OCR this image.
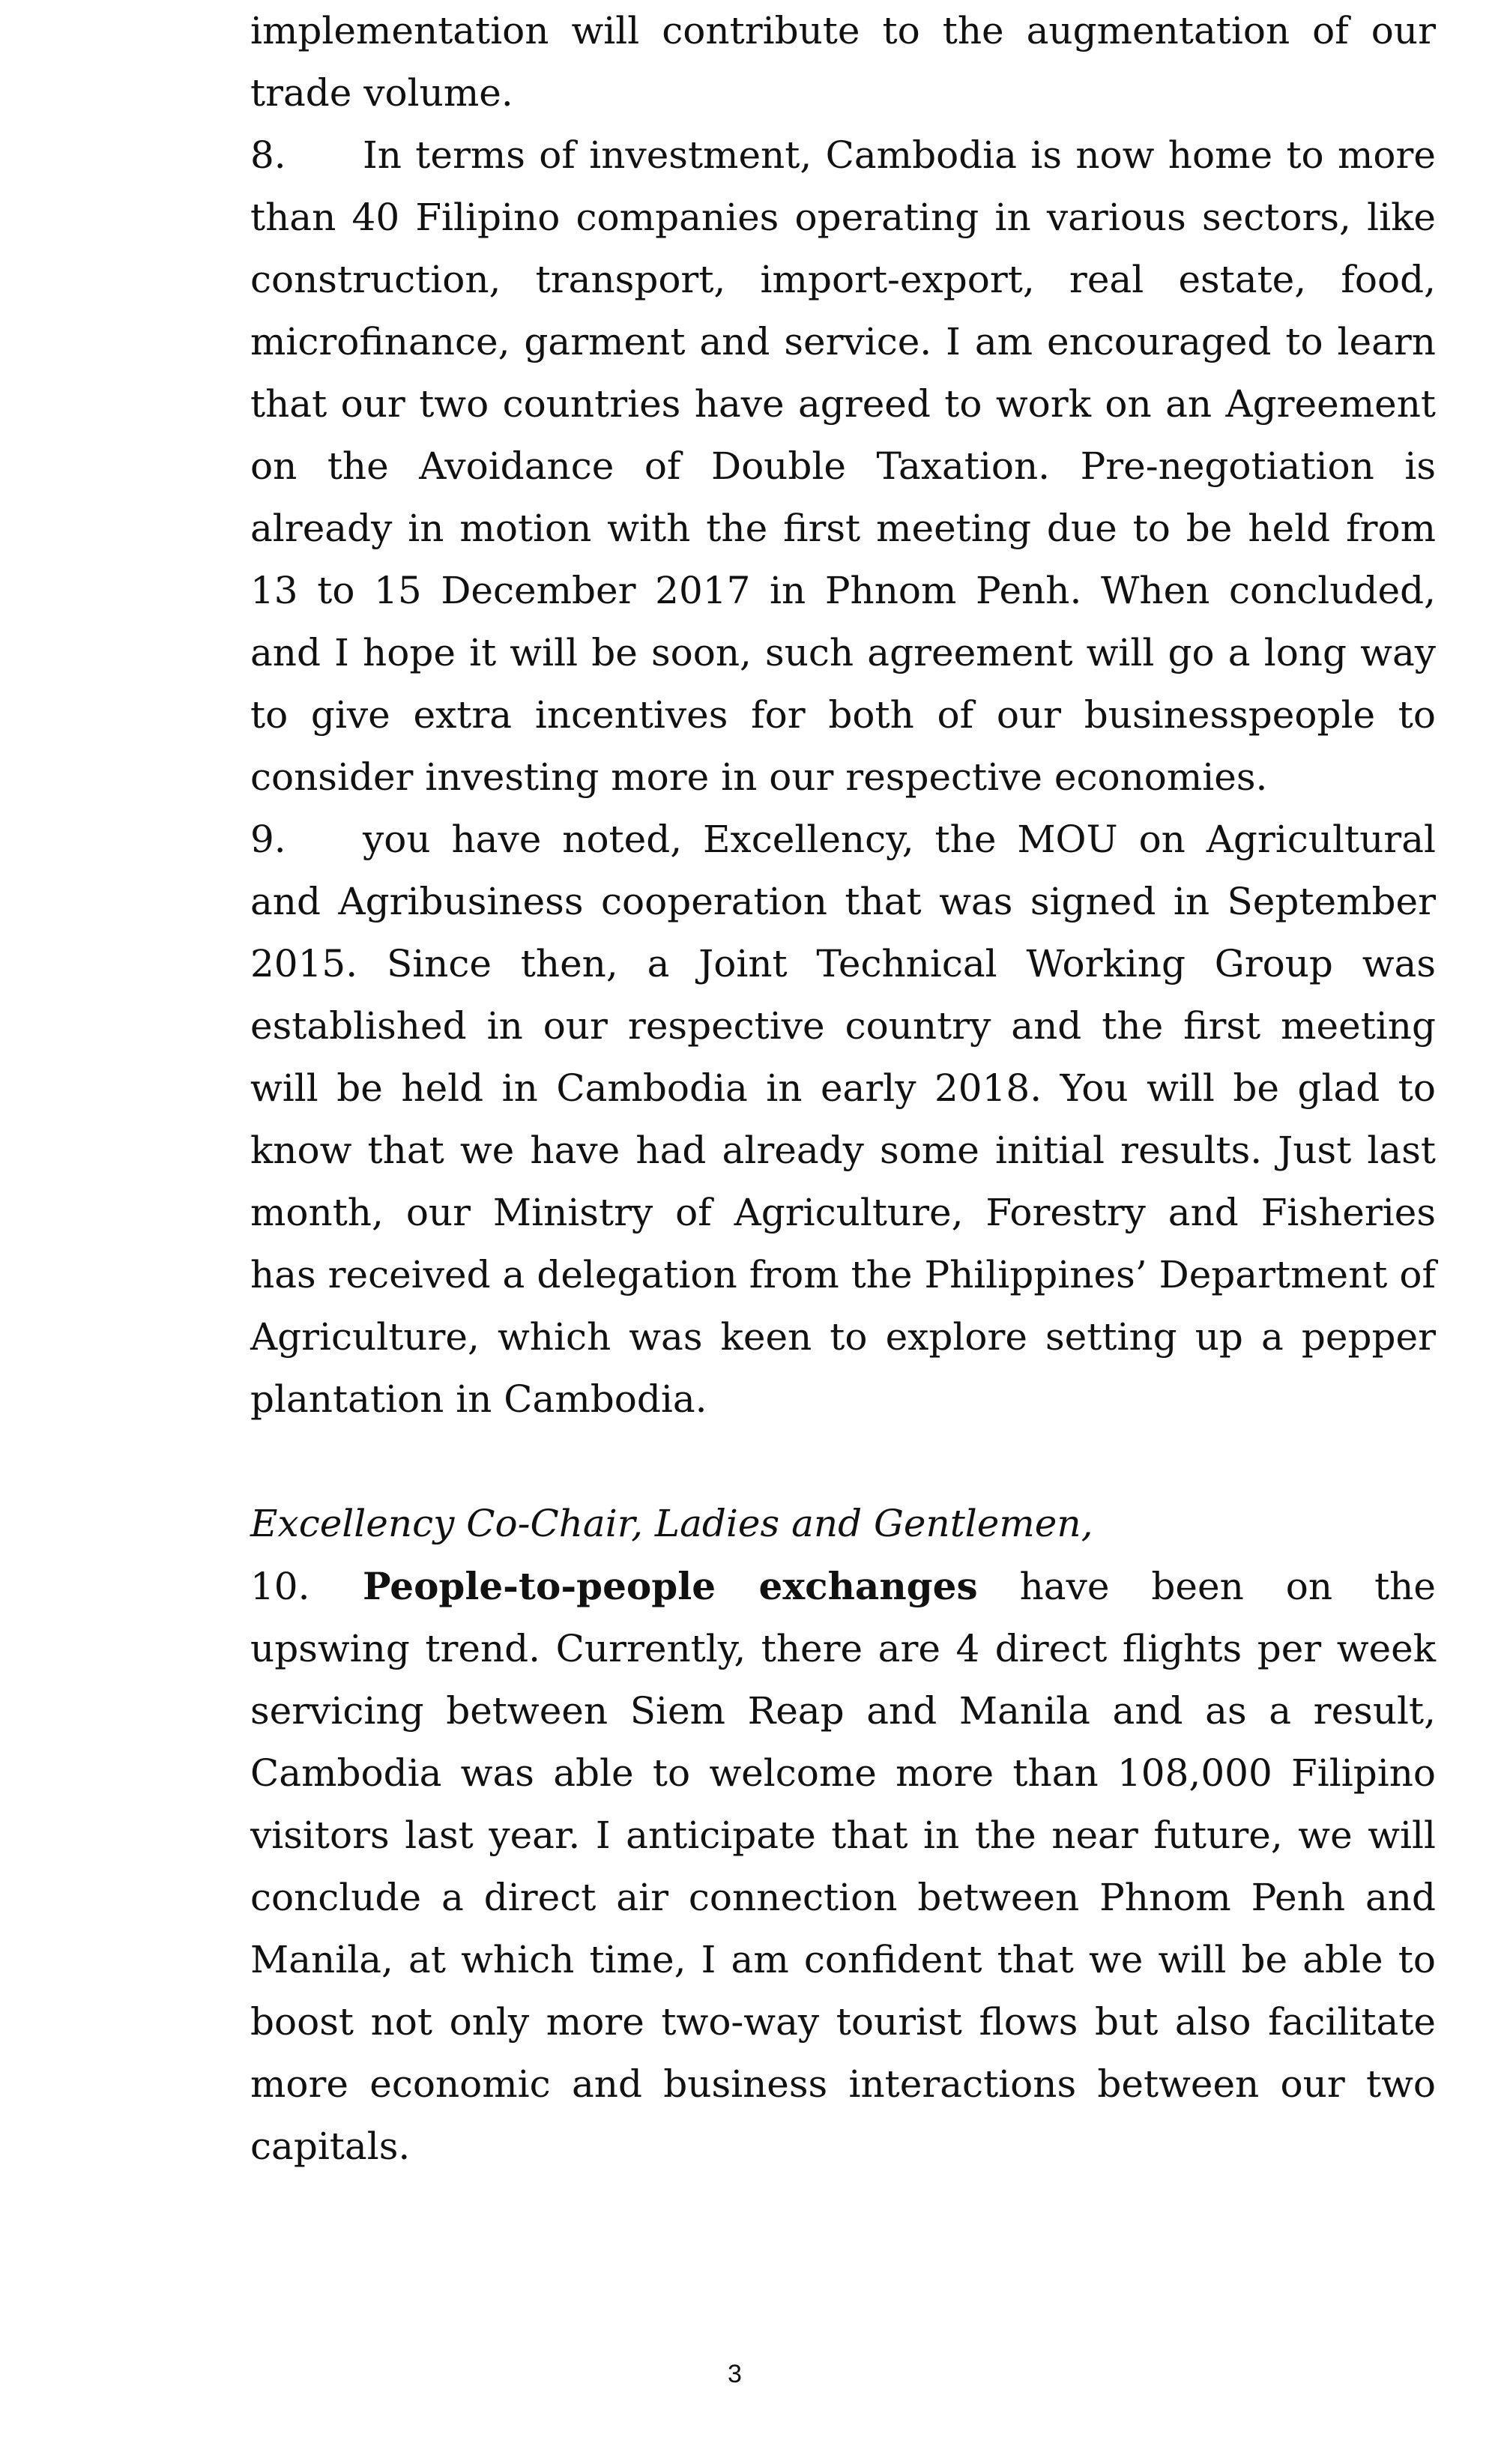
implementation will contribute to the augmentation of our trade volume.

8. In terms of investment, Cambodia is now home to more than 40 Filipino companies operating in various sectors, like construction, transport, import-export, real estate, food, microfinance, garment and service. I am encouraged to learn that our two countries have agreed to work on an Agreement on the Avoidance of Double Taxation. Pre-negotiation is already in motion with the first meeting due to be held from 13 to 15 December 2017 in Phnom Penh. When concluded, and I hope it will be soon, such agreement will go a long way to give extra incentives for both of our businesspeople to consider investing more in our respective economies.

9. you have noted, Excellency, the MOU on Agricultural and Agribusiness cooperation that was signed in September 2015. Since then, a Joint Technical Working Group was established in our respective country and the first meeting will be held in Cambodia in early 2018. You will be glad to know that we have had already some initial results. Just last month, our Ministry of Agriculture, Forestry and Fisheries has received a delegation from the Philippines’ Department of Agriculture, which was keen to explore setting up a pepper plantation in Cambodia.

Excellency Co-Chair, Ladies and Gentlemen,

10. People-to-people exchanges have been on the upswing trend. Currently, there are 4 direct flights per week servicing between Siem Reap and Manila and as a result, Cambodia was able to welcome more than 108,000 Filipino visitors last year. I anticipate that in the near future, we will conclude a direct air connection between Phnom Penh and Manila, at which time, I am confident that we will be able to boost not only more two-way tourist flows but also facilitate more economic and business interactions between our two capitals.

3
